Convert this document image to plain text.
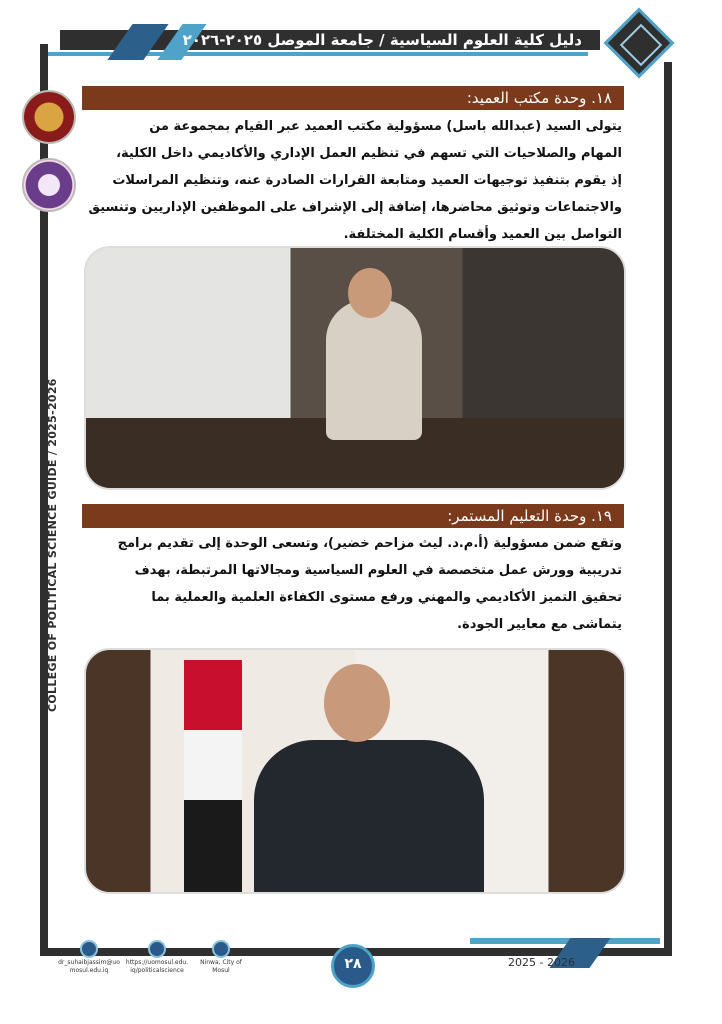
دليل كلية العلوم السياسية / جامعة الموصل ٢٠٢٥-٢٠٢٦
COLLEGE OF POLITICAL SCIENCE GUIDE / 2025-2026
١٨. وحدة مكتب العميد:
يتولى السيد (عبدالله باسل) مسؤولية مكتب العميد عبر القيام بمجموعة من
المهام والصلاحيات التي تسهم في تنظيم العمل الإداري والأكاديمي داخل الكلية،
إذ يقوم بتنفيذ توجيهات العميد ومتابعة القرارات الصادرة عنه، وتنظيم المراسلات
والاجتماعات وتوثيق محاضرها، إضافة إلى الإشراف على الموظفين الإداريين وتنسيق
التواصل بين العميد وأقسام الكلية المختلفة.
١٩. وحدة التعليم المستمر:
وتقع ضمن مسؤولية (أ.م.د. ليث مزاحم خضير)، وتسعى الوحدة إلى تقديم برامج
تدريبية وورش عمل متخصصة في العلوم السياسية ومجالاتها المرتبطة، بهدف
تحقيق التميز الأكاديمي والمهني ورفع مستوى الكفاءة العلمية والعملية بما
يتماشى مع معايير الجودة.
2025 - 2026
٢٨
dr_suhaibjassim@uo
mosul.edu.iq
https://uomosul.edu.
iq/politicalscience
Ninwa, City of
Mosul
